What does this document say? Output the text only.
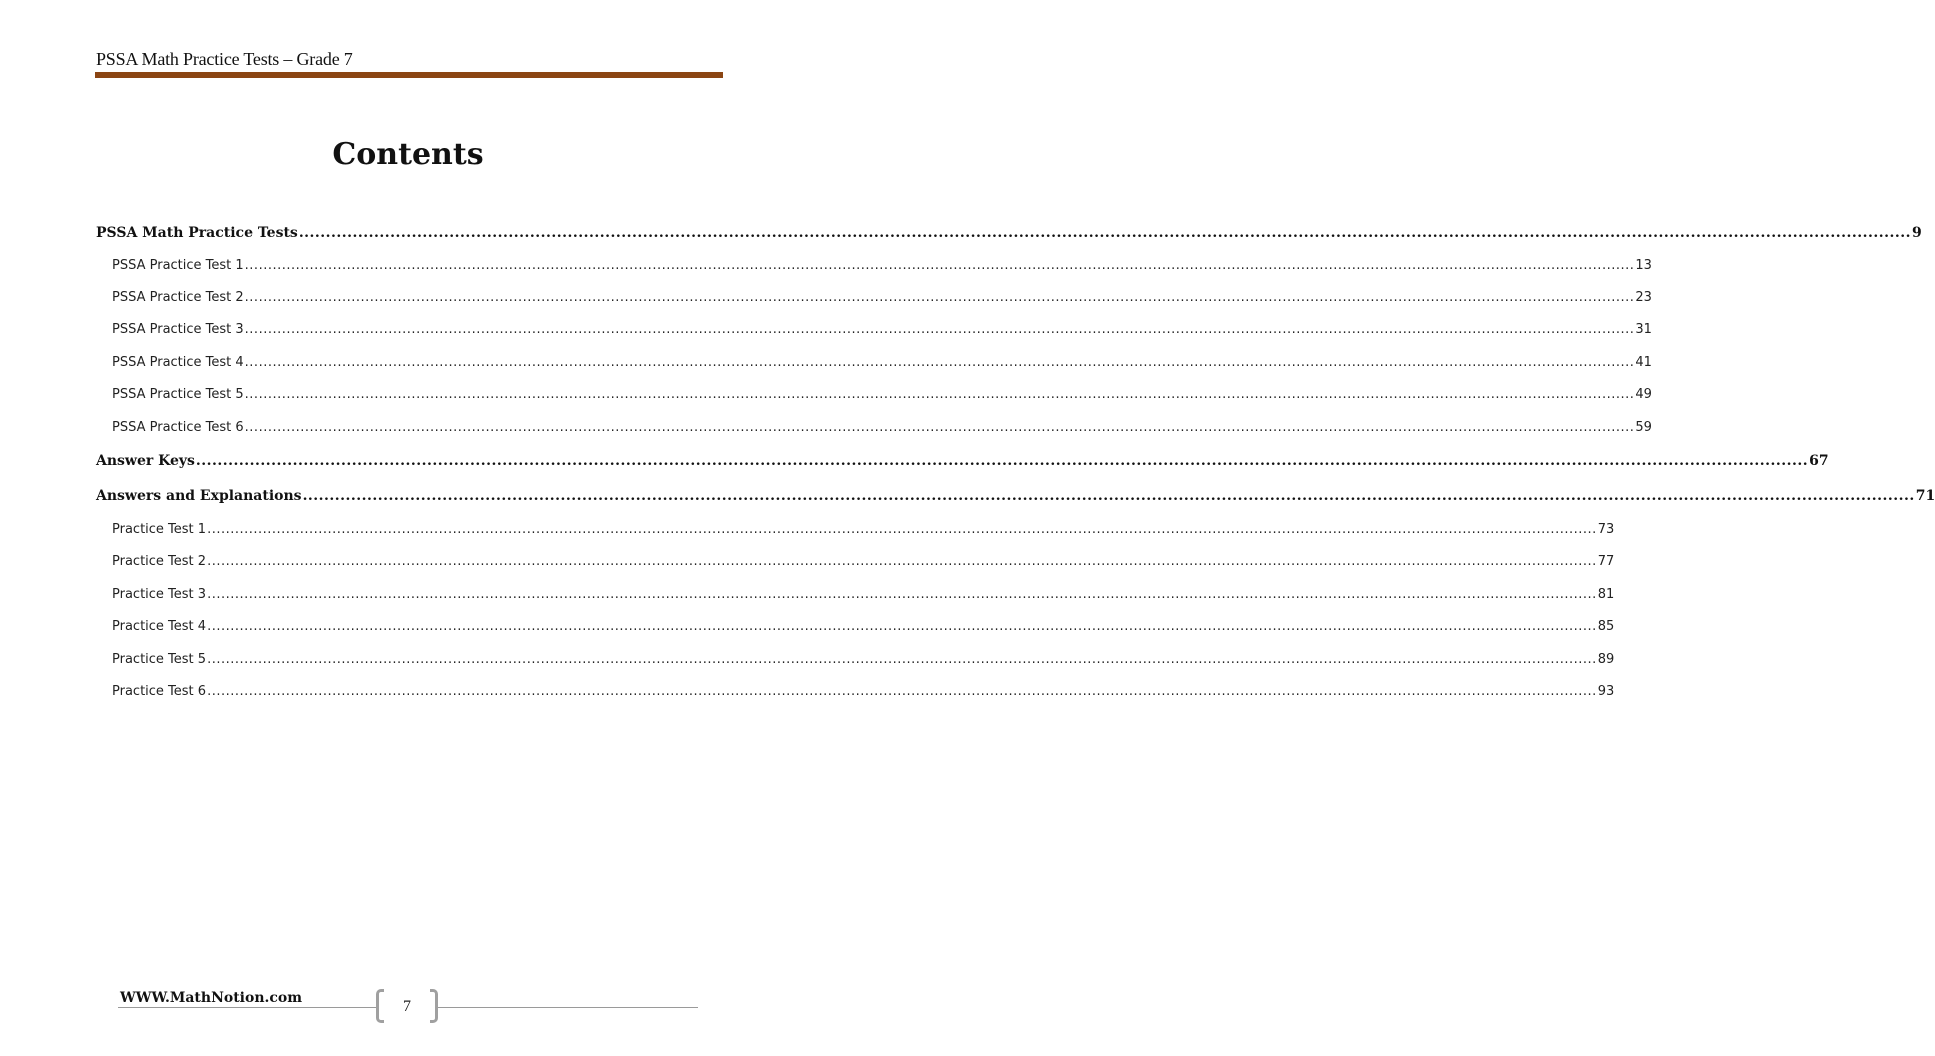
PSSA Math Practice Tests – Grade 7
Contents
PSSA Math Practice Tests ............................................................................................................................................................................................................................................................................................................ 9
PSSA Practice Test 1 ............................................................................................................................................................................................................................................................................................................ 13
PSSA Practice Test 2 ............................................................................................................................................................................................................................................................................................................ 23
PSSA Practice Test 3 ............................................................................................................................................................................................................................................................................................................ 31
PSSA Practice Test 4 ............................................................................................................................................................................................................................................................................................................ 41
PSSA Practice Test 5 ............................................................................................................................................................................................................................................................................................................ 49
PSSA Practice Test 6 ............................................................................................................................................................................................................................................................................................................ 59
Answer Keys ............................................................................................................................................................................................................................................................................................................ 67
Answers and Explanations ............................................................................................................................................................................................................................................................................................................ 71
Practice Test 1 ............................................................................................................................................................................................................................................................................................................ 73
Practice Test 2 ............................................................................................................................................................................................................................................................................................................ 77
Practice Test 3 ............................................................................................................................................................................................................................................................................................................ 81
Practice Test 4 ............................................................................................................................................................................................................................................................................................................ 85
Practice Test 5 ............................................................................................................................................................................................................................................................................................................ 89
Practice Test 6 ............................................................................................................................................................................................................................................................................................................ 93
WWW.MathNotion.com	7
